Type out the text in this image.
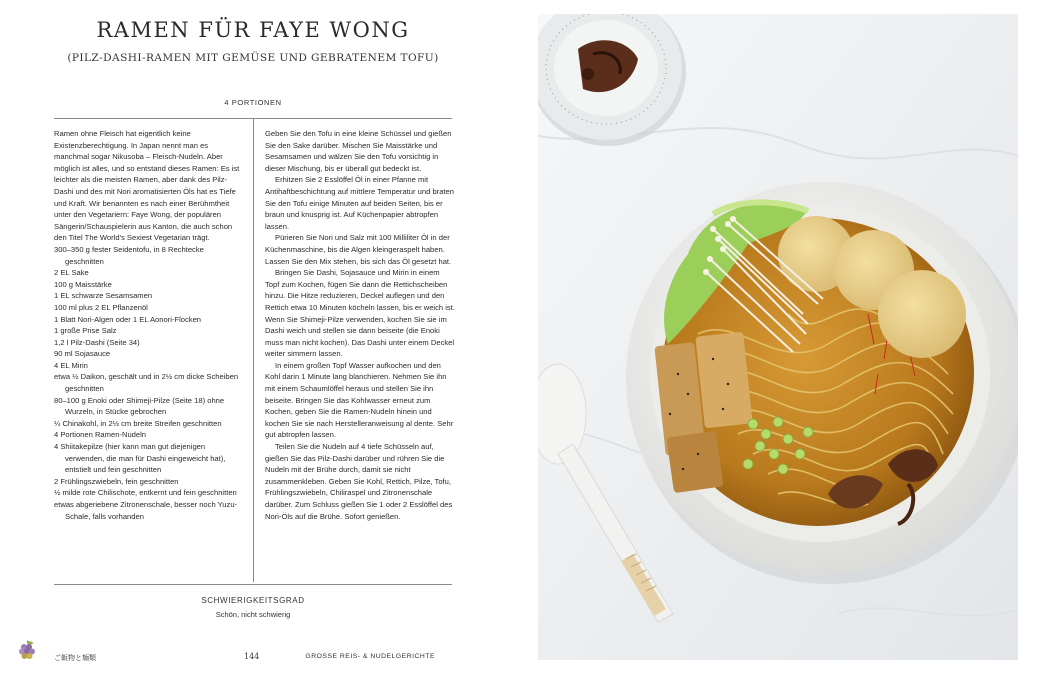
RAMEN FÜR FAYE WONG
(PILZ-DASHI-RAMEN MIT GEMÜSE UND GEBRATENEM TOFU)
4 PORTIONEN

Ramen ohne Fleisch hat eigentlich keine Existenzberechtigung. In Japan nennt man es manchmal sogar Nikusoba – Fleisch-Nudeln. Aber möglich ist alles, und so entstand dieses Ramen: Es ist leichter als die meisten Ramen, aber dank des Pilz-Dashi und des mit Nori aromatisierten Öls hat es Tiefe und Kraft. Wir benannten es nach einer Berühmtheit unter den Vegetariern: Faye Wong, der populären Sängerin/Schauspielerin aus Kanton, die auch schon den Titel The World's Sexiest Vegetarian trägt.

300–350 g fester Seidentofu, in 8 Rechtecke geschnitten
2 EL Sake
100 g Maisstärke
1 EL schwarze Sesamsamen
100 ml plus 2 EL Pflanzenöl
1 Blatt Nori-Algen oder 1 EL Aonori-Flocken
1 große Prise Salz
1,2 l Pilz-Dashi (Seite 34)
90 ml Sojasauce
4 EL Mirin
etwa ½ Daikon, geschält und in 2½ cm dicke Scheiben geschnitten
80–100 g Enoki oder Shimeji-Pilze (Seite 18) ohne Wurzeln, in Stücke gebrochen
¼ Chinakohl, in 2½ cm breite Streifen geschnitten
4 Portionen Ramen-Nudeln
4 Shiitakepilze (hier kann man gut diejenigen verwenden, die man für Dashi eingeweicht hat), entstielt und fein geschnitten
2 Frühlingszwiebeln, fein geschnitten
½ milde rote Chilischote, entkernt und fein geschnitten
etwas abgeriebene Zitronenschale, besser noch Yuzu-Schale, falls vorhanden

Geben Sie den Tofu in eine kleine Schüssel und gießen Sie den Sake darüber. Mischen Sie Maisstärke und Sesamsamen und wälzen Sie den Tofu vorsichtig in dieser Mischung, bis er überall gut bedeckt ist.

Erhitzen Sie 2 Esslöffel Öl in einer Pfanne mit Antihaftbeschichtung auf mittlere Temperatur und braten Sie den Tofu einige Minuten auf beiden Seiten, bis er braun und knusprig ist. Auf Küchenpapier abtropfen lassen.

Pürieren Sie Nori und Salz mit 100 Milliliter Öl in der Küchenmaschine, bis die Algen kleingeraspelt haben. Lassen Sie den Mix stehen, bis sich das Öl gesetzt hat.

Bringen Sie Dashi, Sojasauce und Mirin in einem Topf zum Kochen, fügen Sie dann die Rettichscheiben hinzu. Die Hitze reduzieren, Deckel auflegen und den Rettich etwa 10 Minuten köcheln lassen, bis er weich ist. Wenn Sie Shimeji-Pilze verwenden, kochen Sie sie im Dashi weich und stellen sie dann beiseite (die Enoki muss man nicht kochen). Das Dashi unter einem Deckel weiter simmern lassen.

In einem großen Topf Wasser aufkochen und den Kohl darin 1 Minute lang blanchieren. Nehmen Sie ihn mit einem Schaumlöffel heraus und stellen Sie ihn beiseite. Bringen Sie das Kohlwasser erneut zum Kochen, geben Sie die Ramen-Nudeln hinein und kochen Sie sie nach Herstelleranweisung al dente. Sehr gut abtropfen lassen.

Teilen Sie die Nudeln auf 4 tiefe Schüsseln auf, gießen Sie das Pilz-Dashi darüber und rühren Sie die Nudeln mit der Brühe durch, damit sie nicht zusammenkleben. Geben Sie Kohl, Rettich, Pilze, Tofu, Frühlingszwiebeln, Chiliraspel und Zitronenschale darüber. Zum Schluss gießen Sie 1 oder 2 Esslöffel des Nori-Öls auf die Brühe. Sofort genießen.

SCHWIERIGKEITSGRAD
Schön, nicht schwierig
ご飯物と麺類	144	GROSSE REIS- & NUDELGERICHTE
